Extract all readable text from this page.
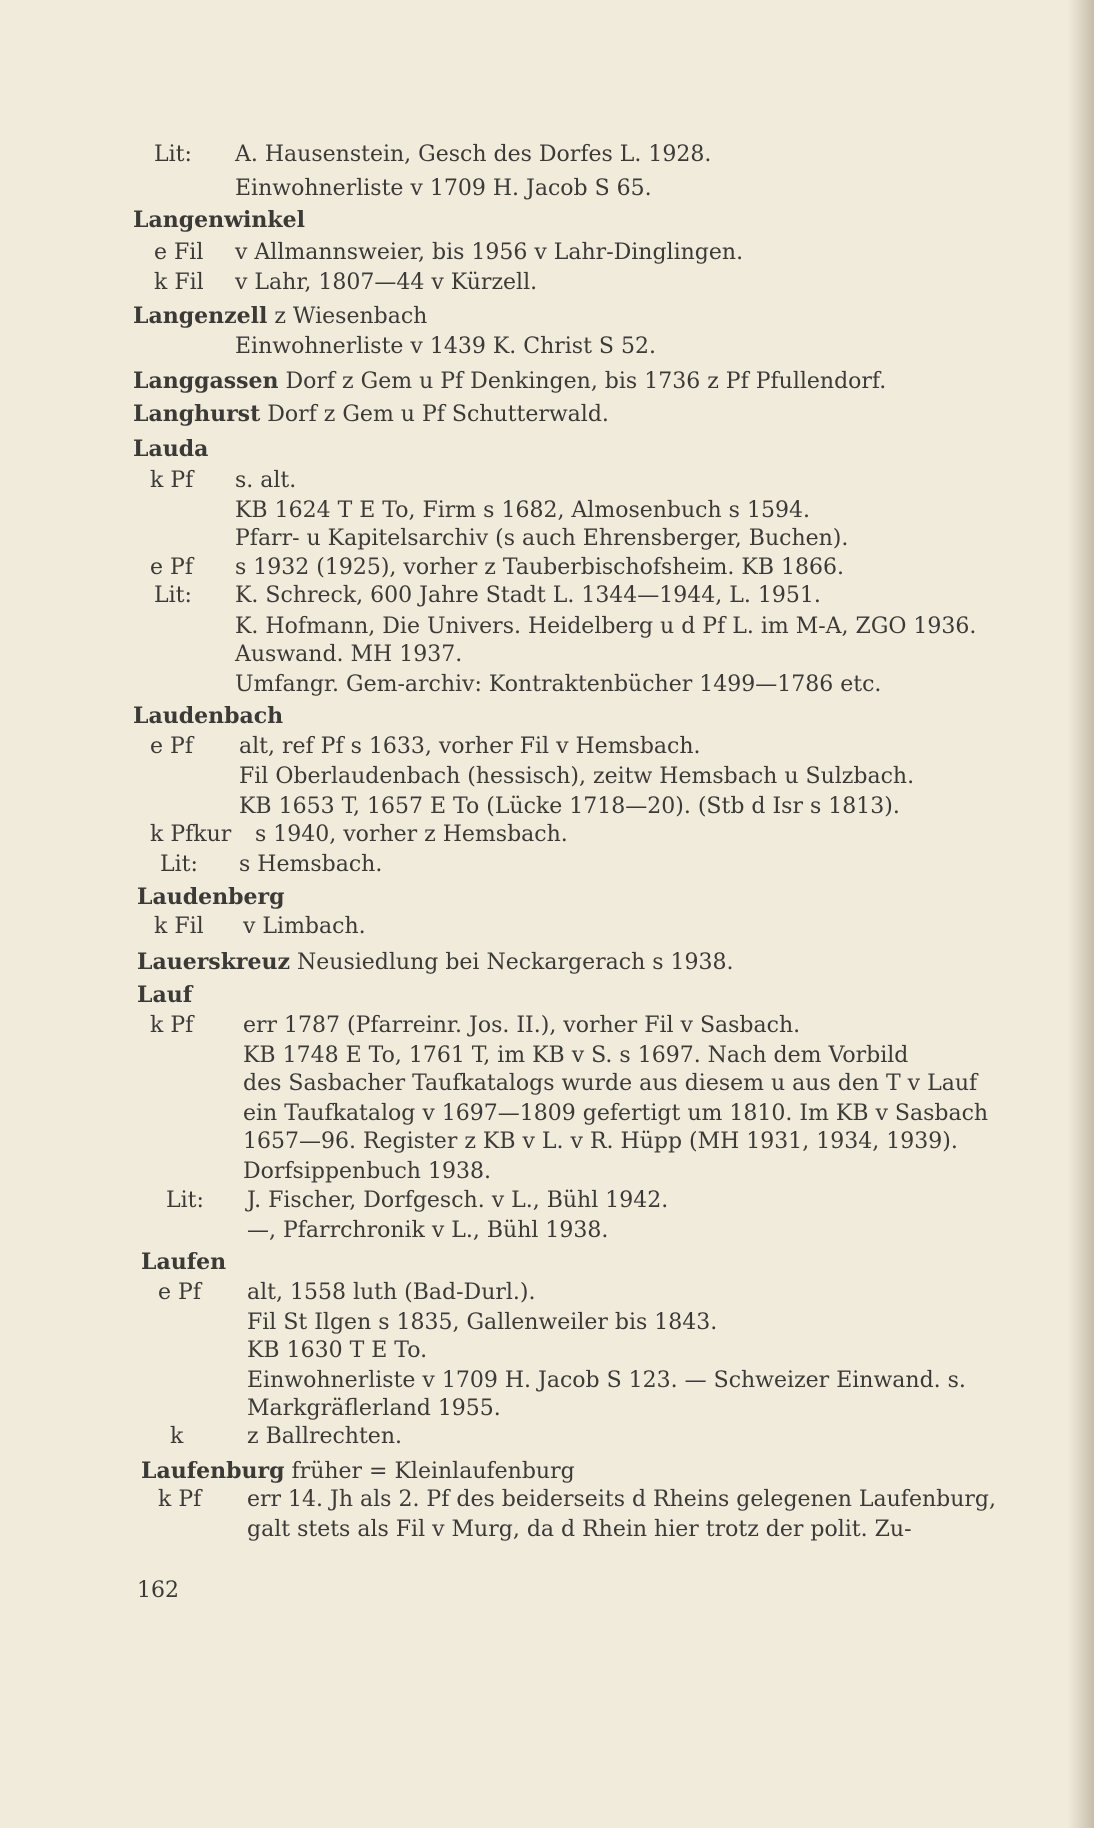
Lit: A. Hausenstein, Gesch des Dorfes L. 1928.
Einwohnerliste v 1709 H. Jacob S 65.
Langenwinkel
e Fil v Allmannsweier, bis 1956 v Lahr-Dinglingen.
k Fil v Lahr, 1807—44 v Kürzell.
Langenzell z Wiesenbach
Einwohnerliste v 1439 K. Christ S 52.
Langgassen Dorf z Gem u Pf Denkingen, bis 1736 z Pf Pfullendorf.
Langhurst Dorf z Gem u Pf Schutterwald.
Lauda
k Pf s. alt.
KB 1624 T E To, Firm s 1682, Almosenbuch s 1594.
Pfarr- u Kapitelsarchiv (s auch Ehrensberger, Buchen).
e Pf s 1932 (1925), vorher z Tauberbischofsheim. KB 1866.
Lit: K. Schreck, 600 Jahre Stadt L. 1344—1944, L. 1951.
K. Hofmann, Die Univers. Heidelberg u d Pf L. im M-A, ZGO 1936.
Auswand. MH 1937.
Umfangr. Gem-archiv: Kontraktenbücher 1499—1786 etc.
Laudenbach
e Pf alt, ref Pf s 1633, vorher Fil v Hemsbach.
Fil Oberlaudenbach (hessisch), zeitw Hemsbach u Sulzbach.
KB 1653 T, 1657 E To (Lücke 1718—20). (Stb d Isr s 1813).
k Pfkur s 1940, vorher z Hemsbach.
Lit: s Hemsbach.
Laudenberg
k Fil v Limbach.
Lauerskreuz Neusiedlung bei Neckargerach s 1938.
Lauf
k Pf err 1787 (Pfarreinr. Jos. II.), vorher Fil v Sasbach.
KB 1748 E To, 1761 T, im KB v S. s 1697. Nach dem Vorbild
des Sasbacher Taufkatalogs wurde aus diesem u aus den T v Lauf
ein Taufkatalog v 1697—1809 gefertigt um 1810. Im KB v Sasbach
1657—96. Register z KB v L. v R. Hüpp (MH 1931, 1934, 1939).
Dorfsippenbuch 1938.
Lit: J. Fischer, Dorfgesch. v L., Bühl 1942.
—, Pfarrchronik v L., Bühl 1938.
Laufen
e Pf alt, 1558 luth (Bad-Durl.).
Fil St Ilgen s 1835, Gallenweiler bis 1843.
KB 1630 T E To.
Einwohnerliste v 1709 H. Jacob S 123. — Schweizer Einwand. s.
Markgräflerland 1955.
k	z Ballrechten.
Laufenburg früher = Kleinlaufenburg
k Pf err 14. Jh als 2. Pf des beiderseits d Rheins gelegenen Laufenburg,
galt stets als Fil v Murg, da d Rhein hier trotz der polit. Zu-
162
